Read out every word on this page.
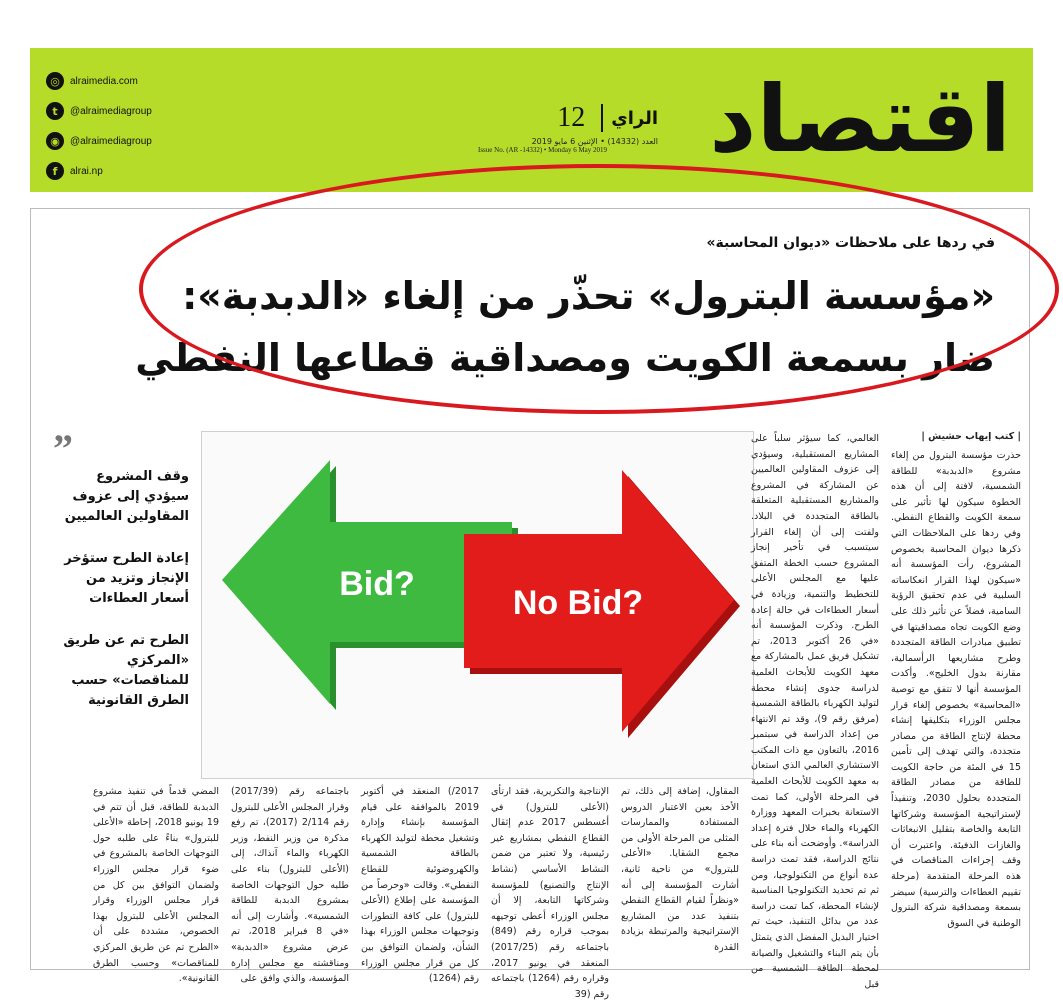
◎	alraimedia.com
t	@alraimediagroup
◉	@alraimediagroup
f	alrai.np
12 الراي
العدد (14332) • الإثنين 6 مايو 2019
Issue No. (AR -14332) • Monday 6 May 2019	اقتصاد
في ردها على ملاحظات «ديوان المحاسبة»
«مؤسسة البترول» تحذّر من إلغاء «الدبدبة»:
ضار بسمعة الكويت ومصداقية قطاعها النفطي
”

وقف المشروع سيؤدي إلى عزوف المقاولين العالميين

إعادة الطرح ستؤخر الإنجاز وتزيد من أسعار العطاءات

الطرح تم عن طريق «المركزي للمناقصات» حسب الطرق القانونية

Bid?	No Bid?
| كتب إيهاب حشيش |
حذرت مؤسسة البترول من إلغاء مشروع «الدبدبة» للطاقة الشمسية، لافتة إلى أن هذه الخطوة سيكون لها تأثير على سمعة الكويت والقطاع النفطي. وفي ردها على الملاحظات التي ذكرها ديوان المحاسبة بخصوص المشروع، رأت المؤسسة أنه «سيكون لهذا القرار انعكاساته السلبية في عدم تحقيق الرؤية السامية، فضلاً عن تأثير ذلك على وضع الكويت تجاه مصداقيتها في تطبيق مبادرات الطاقة المتجددة وطرح مشاريعها الرأسمالية، مقارنة بدول الخليج». وأكدت المؤسسة أنها لا تتفق مع توصية «المحاسبة» بخصوص إلغاء قرار مجلس الوزراء بتكليفها إنشاء محطة لإنتاج الطاقة من مصادر متجددة، والتي تهدف إلى تأمين 15 في المئة من حاجة الكويت للطاقة من مصادر الطاقة المتجددة بحلول 2030، وتنفيذاً لإستراتيجية المؤسسة وشركاتها التابعة والخاصة بتقليل الانبعاثات والغازات الدفيئة. واعتبرت أن وقف إجراءات المناقصات في هذه المرحلة المتقدمة (مرحلة تقييم العطاءات والترسية) سيضر بسمعة ومصداقية شركة البترول الوطنية في السوق
العالمي، كما سيؤثر سلباً على المشاريع المستقبلية، وسيؤدي إلى عزوف المقاولين العالميين عن المشاركة في المشروع والمشاريع المستقبلية المتعلقة بالطاقة المتجددة في البلاد. ولفتت إلى أن إلغاء القرار سيتسبب في تأخير إنجاز المشروع حسب الخطة المتفق عليها مع المجلس الأعلى للتخطيط والتنمية، وزيادة في أسعار العطاءات في حالة إعادة الطرح. وذكرت المؤسسة أنه «في 26 أكتوبر 2013، تم تشكيل فريق عمل بالمشاركة مع معهد الكويت للأبحاث العلمية لدراسة جدوى إنشاء محطة لتوليد الكهرباء بالطاقة الشمسية (مرفق رقم 9)، وقد تم الانتهاء من إعداد الدراسة في سبتمبر 2016، بالتعاون مع ذات المكتب الاستشاري العالمي الذي استعان به معهد الكويت للأبحاث العلمية في المرحلة الأولى، كما تمت الاستعانة بخبرات المعهد ووزارة الكهرباء والماء خلال فترة إعداد الدراسة». وأوضحت أنه بناء على نتائج الدراسة، فقد تمت دراسة عدة أنواع من التكنولوجيا، ومن ثم تم تحديد التكنولوجيا المناسبة لإنشاء المحطة، كما تمت دراسة عدد من بدائل التنفيذ، حيث تم اختيار البديل المفضل الذي يتمثل بأن يتم البناء والتشغيل والصيانة لمحطة الطاقة الشمسية من قبل
المقاول، إضافة إلى ذلك، تم الأخذ بعين الاعتبار الدروس المستفادة والممارسات المثلى من المرحلة الأولى من مجمع الشقايا. «الأعلى للبترول» من ناحية ثانية، أشارت المؤسسة إلى أنه «ونظراً لقيام القطاع النفطي بتنفيذ عدد من المشاريع الإستراتيجية والمرتبطة بزيادة القدرة
الإنتاجية والتكريرية، فقد ارتأى (الأعلى للبترول) في أغسطس 2017 عدم إثقال القطاع النفطي بمشاريع غير رئيسية، ولا تعتبر من ضمن النشاط الأساسي (نشاط الإنتاج والتصنيع) للمؤسسة وشركاتها التابعة، إلا أن مجلس الوزراء أعطى توجيهه بموجب قراره رقم (849) باجتماعه رقم (2017/25) المنعقد في يونيو 2017، وقراره رقم (1264) باجتماعه رقم (39
2017/) المنعقد في أكتوبر 2019 بالموافقة على قيام المؤسسة بإنشاء وإدارة وتشغيل محطة لتوليد الكهرباء بالطاقة الشمسية والكهروضوئية للقطاع النفطي». وقالت «وحرصاً من المؤسسة على إطلاع (الأعلى للبترول) على كافة التطورات وتوجيهات مجلس الوزراء بهذا الشأن، ولضمان التوافق بين كل من قرار مجلس الوزراء رقم (1264)
باجتماعه رقم (2017/39) وقرار المجلس الأعلى للبترول رقم 2/114 (2017)، تم رفع مذكرة من وزير النفط، وزير الكهرباء والماء آنذاك، إلى (الأعلى للبترول) بناء على طلبه حول التوجهات الخاصة بمشروع الدبدبة للطاقة الشمسية». وأشارت إلى أنه «في 8 فبراير 2018، تم عرض مشروع «الدبدبة» ومناقشته مع مجلس إدارة المؤسسة، والذي وافق على
المضي قدماً في تنفيذ مشروع الدبدبة للطاقة، قبل أن تتم في 19 يونيو 2018، إحاطة «الأعلى للبترول» بناءً على طلبه حول التوجهات الخاصة بالمشروع في ضوء قرار مجلس الوزراء ولضمان التوافق بين كل من قرار مجلس الوزراء وقرار المجلس الأعلى للبترول بهذا الخصوص، مشددة على أن «الطرح تم عن طريق المركزي للمناقصات» وحسب الطرق القانونية».
